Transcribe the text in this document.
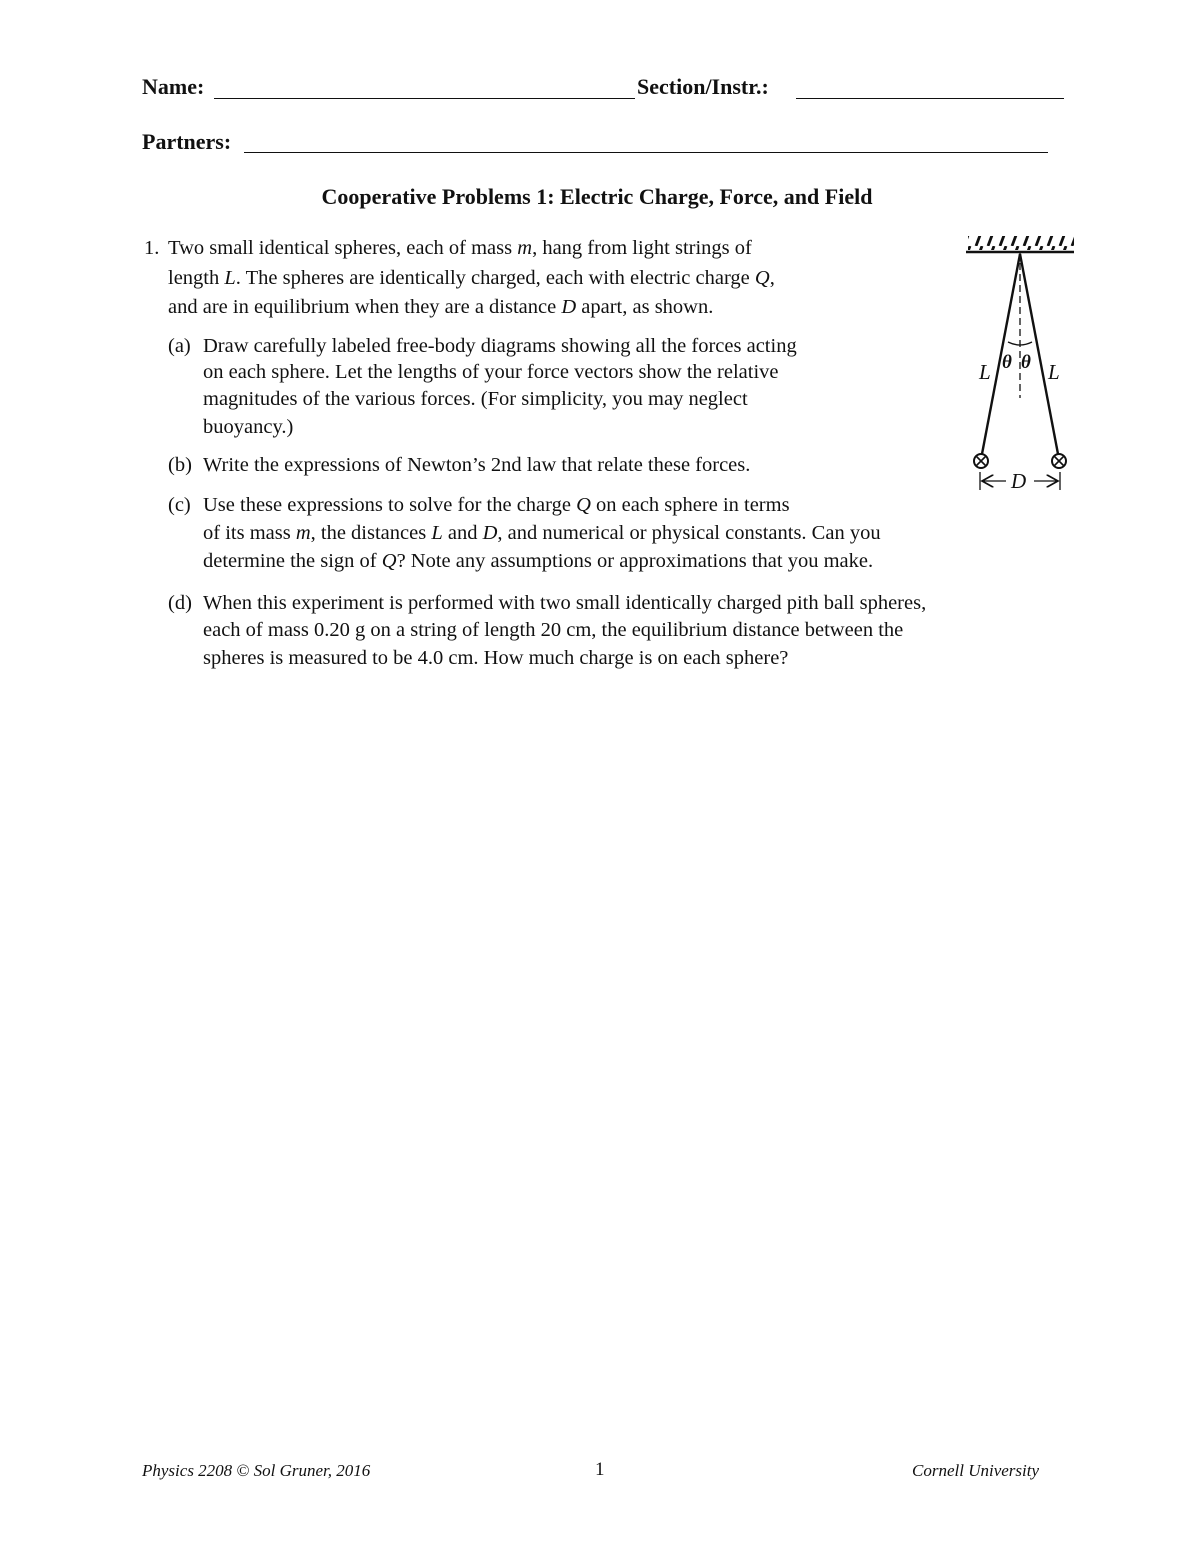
Name:	Section/Instr.:
Partners:
Cooperative Problems 1: Electric Charge, Force, and Field
1. Two small identical spheres, each of mass m, hang from light strings of
length L. The spheres are identically charged, each with electric charge Q,
and are in equilibrium when they are a distance D apart, as shown.
(a) Draw carefully labeled free-body diagrams showing all the forces acting
on each sphere. Let the lengths of your force vectors show the relative
magnitudes of the various forces. (For simplicity, you may neglect
buoyancy.)
(b) Write the expressions of Newton’s 2nd law that relate these forces.
(c) Use these expressions to solve for the charge Q on each sphere in terms
of its mass m, the distances L and D, and numerical or physical constants. Can you
determine the sign of Q? Note any assumptions or approximations that you make.
(d) When this experiment is performed with two small identically charged pith ball spheres,
each of mass 0.20 g on a string of length 20 cm, the equilibrium distance between the
spheres is measured to be 4.0 cm. How much charge is on each sphere?
L	L
θ θ
D
Physics 2208 © Sol Gruner, 2016	1	Cornell University
